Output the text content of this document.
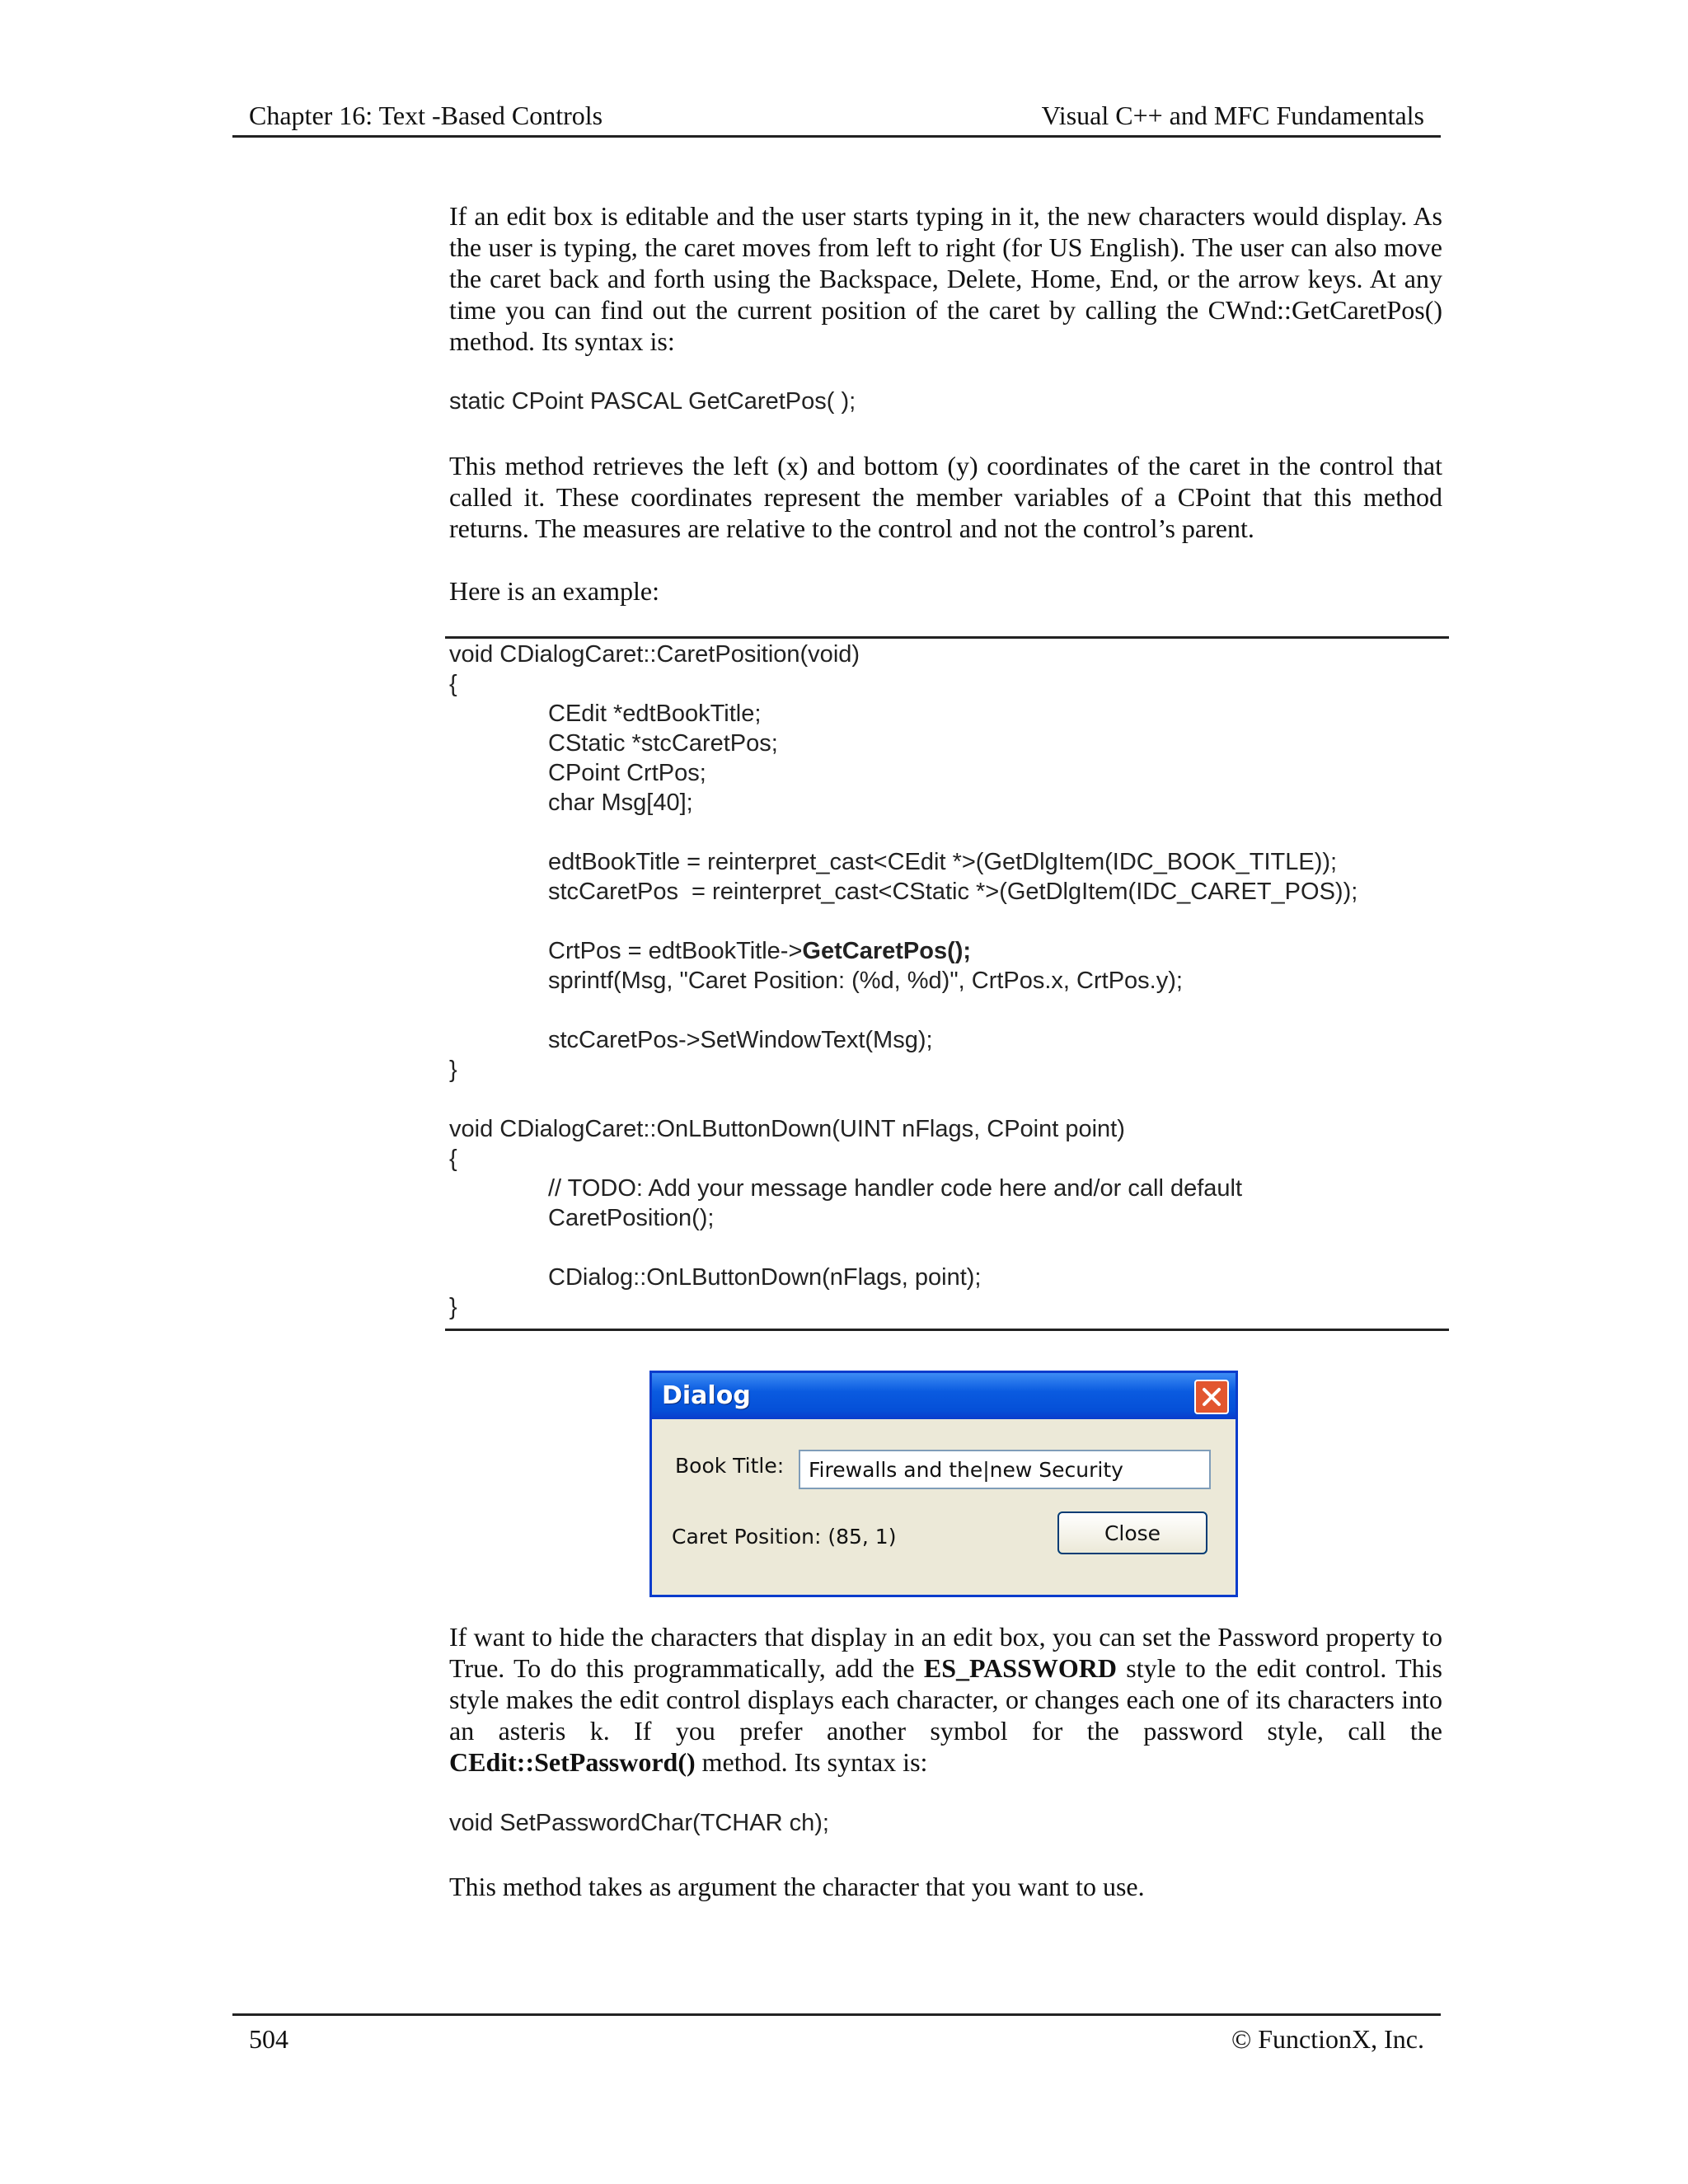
Chapter 16: Text -Based Controls	Visual C++ and MFC Fundamentals

If an edit box is editable and the user starts typing in it, the new characters would display. As the user is typing, the caret moves from left to right (for US English). The user can also move the caret back and forth using the Backspace, Delete, Home, End, or the arrow keys. At any time you can find out the current position of the caret by calling the CWnd::GetCaretPos() method. Its syntax is:

static CPoint PASCAL GetCaretPos( );

This method retrieves the left (x) and bottom (y) coordinates of the caret in the control that called it. These coordinates represent the member variables of a CPoint that this method returns. The measures are relative to the control and not the control’s parent.

Here is an example:

void CDialogCaret::CaretPosition(void)
{
CEdit *edtBookTitle;
CStatic *stcCaretPos;
CPoint CrtPos;
char Msg[40];
edtBookTitle = reinterpret_cast<CEdit *>(GetDlgItem(IDC_BOOK_TITLE));
stcCaretPos  = reinterpret_cast<CStatic *>(GetDlgItem(IDC_CARET_POS));
CrtPos = edtBookTitle->GetCaretPos();
sprintf(Msg, "Caret Position: (%d, %d)", CrtPos.x, CrtPos.y);
stcCaretPos->SetWindowText(Msg);
}
void CDialogCaret::OnLButtonDown(UINT nFlags, CPoint point)
{
// TODO: Add your message handler code here and/or call default
CaretPosition();
CDialog::OnLButtonDown(nFlags, point);
}
Dialog
Book Title: Firewalls and the|new Security
Caret Position: (85, 1)	Close

If want to hide the characters that display in an edit box, you can set the Password property to True. To do this programmatically, add the ES_PASSWORD style to the edit control. This style makes the edit control displays each character, or changes each one of its characters into an asteris k. If you prefer another symbol for the password style, call the CEdit::SetPassword() method. Its syntax is:

void SetPasswordChar(TCHAR ch);

This method takes as argument the character that you want to use.

504	© FunctionX, Inc.
